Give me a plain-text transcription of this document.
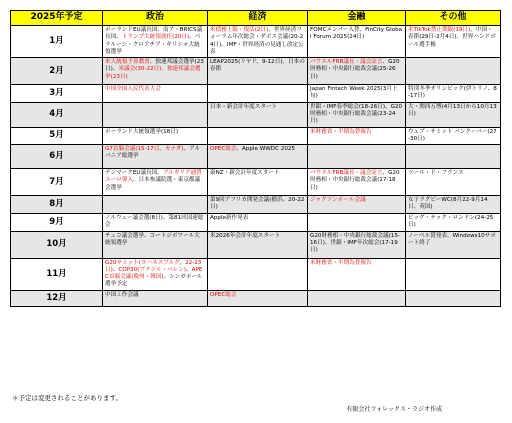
2025年予定	政治	経済	金融	その他
1月	ポーランドEU議長国、南ア・BRICS議長国、トランプ大統領就任(20日)、ベラルーシ・クロアチア・ギリシャ大統領選挙	米債務上限・復活(2日)、世界経済フォーラム年次総会・ダボス会議(20-24日)、IMF・世界経済の見通し改定公表	FOMCメンバー入替、FinCity Global Forum 2025(24日)	米TikTok禁止期限(19日)、中国・春節(29日-2月4日)、世界ハンドボール選手権
2月	米大統領予算教書、独連邦議会選挙(23日)、米議会(30-22日)、独連邦議会選挙(23日)	LEAP2025(リヤド、9-12日)、日本の春節	パウエルFRB議長・議会証言、G20財務相・中央銀行総裁会議(25-26日)	
3月	中国全国人民代表大会		Japan Fintech Week 2025(3月上旬)	特別冬季オリンピック(伊トリノ、8-17日)
4月		日本・新会計年度スタート	世銀・IMF春季総会(18-26日)、G20財務相・中央銀行総裁会議(23-24日)	大・関西万博(4月13日から10月13日)
5月	ポーランド大統領選挙(18日)		米財務省・半期為替報告	ウェブ・サミット バンクーバー(27-30日)
6月	G7首脳会議(15-17日、カナダ)、アルバニア総選挙	OPEC総会、Apple WWDC 2025		
7月	デンマークEU議長国、ブルガリア通貨ユーロ導入、日本参議院選・東京都議会選挙	豪NZ・新会計年度スタート	パウエルFRB議長・議会証言、G20財務相・中央銀行総裁会議(17-18日)	ツール・ド・フランス
8月		第9回アフリカ開発会議(横浜、20-22日)	ジャクソンホール会議	女子ラグビーWC(8月22-9月14日、英国)
9月	ノルウェー議会選(8日)、第81回国連総会	Apple新作発表		ビッグ・テック・ロンドン(24-25日)
10月	チェコ議会選挙、コートジボワール大統領選挙	米2026年会計年度スタート	G20財務相・中央銀行総裁会議(15-16日)、世銀・IMF年次総会(17-19日)	ノーベル賞発表、Windows10サポート終了
11月	G20サミット(ヨハネスブルグ、22-23日)、COP30(ブラジル・ベレン)、APEC首脳会議(慶州・韓国)、シンガポール選挙予定		米財務省・半期為替報告	
12月	中国工作会議	OPEC総会		
＊予定は変更されることがあります。
有限会社フォレックス・ラジオ作成
